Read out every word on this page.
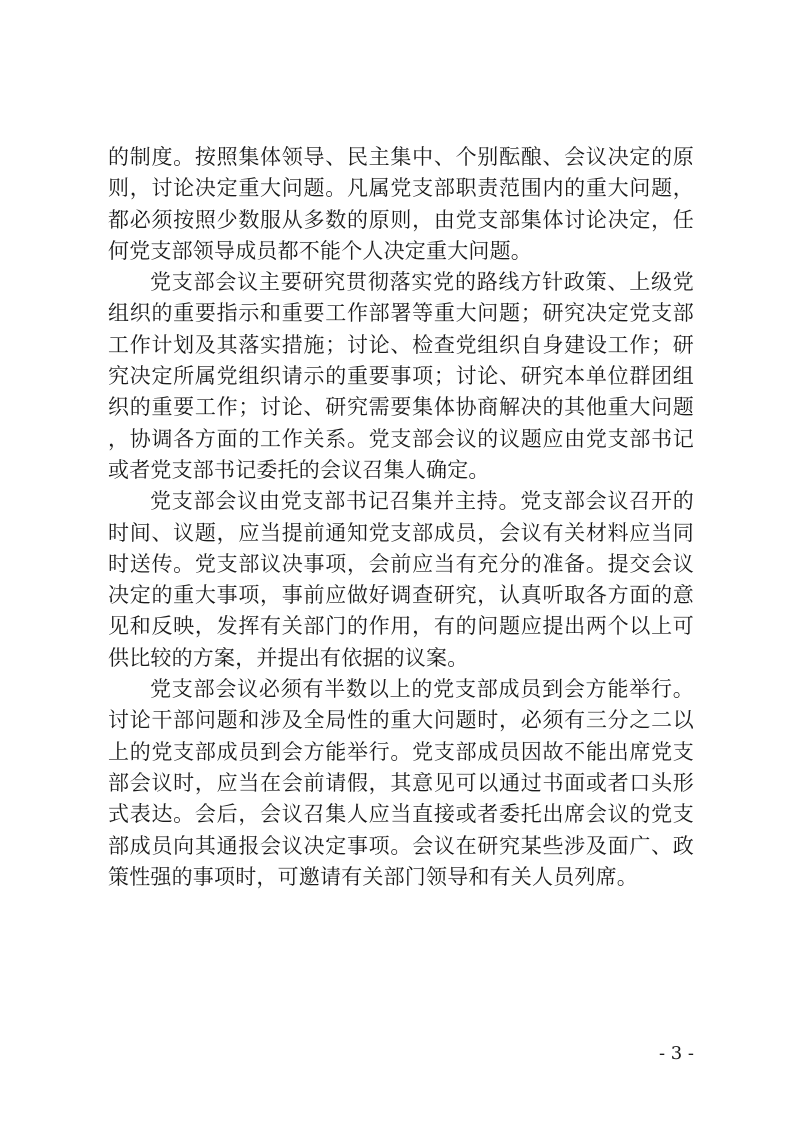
的制度。按照集体领导、民主集中、个别酝酿、会议决定的原则，讨论决定重大问题。凡属党支部职责范围内的重大问题，都必须按照少数服从多数的原则，由党支部集体讨论决定，任何党支部领导成员都不能个人决定重大问题。

党支部会议主要研究贯彻落实党的路线方针政策、上级党组织的重要指示和重要工作部署等重大问题；研究决定党支部工作计划及其落实措施；讨论、检查党组织自身建设工作；研究决定所属党组织请示的重要事项；讨论、研究本单位群团组织的重要工作；讨论、研究需要集体协商解决的其他重大问题，协调各方面的工作关系。党支部会议的议题应由党支部书记或者党支部书记委托的会议召集人确定。

党支部会议由党支部书记召集并主持。党支部会议召开的时间、议题，应当提前通知党支部成员，会议有关材料应当同时送传。党支部议决事项，会前应当有充分的准备。提交会议决定的重大事项，事前应做好调查研究，认真听取各方面的意见和反映，发挥有关部门的作用，有的问题应提出两个以上可供比较的方案，并提出有依据的议案。

党支部会议必须有半数以上的党支部成员到会方能举行。讨论干部问题和涉及全局性的重大问题时，必须有三分之二以上的党支部成员到会方能举行。党支部成员因故不能出席党支部会议时，应当在会前请假，其意见可以通过书面或者口头形式表达。会后，会议召集人应当直接或者委托出席会议的党支部成员向其通报会议决定事项。会议在研究某些涉及面广、政策性强的事项时，可邀请有关部门领导和有关人员列席。

- 3 -
